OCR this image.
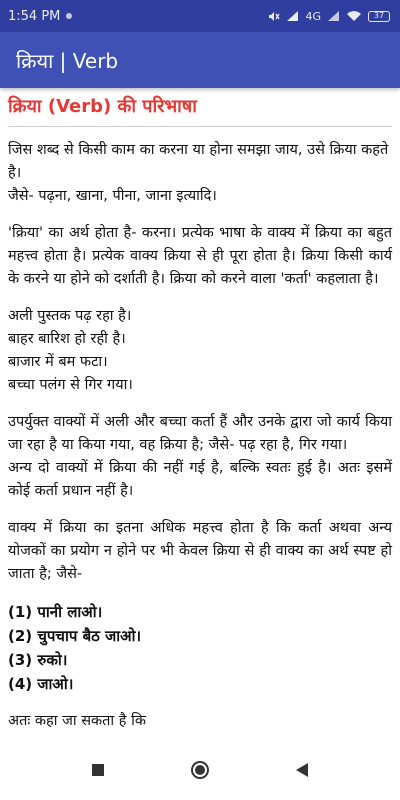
1:54 PM	4G	37
क्रिया | Verb
क्रिया (Verb) की परिभाषा
जिस शब्द से किसी काम का करना या होना समझा जाय, उसे क्रिया कहते है।
जैसे- पढ़ना, खाना, पीना, जाना इत्यादि।
'क्रिया' का अर्थ होता है- करना। प्रत्येक भाषा के वाक्य में क्रिया का बहुत महत्त्व होता है। प्रत्येक वाक्य क्रिया से ही पूरा होता है। क्रिया किसी कार्य के करने या होने को दर्शाती है। क्रिया को करने वाला 'कर्ता' कहलाता है।
अली पुस्तक पढ़ रहा है।
बाहर बारिश हो रही है।
बाजार में बम फटा।
बच्चा पलंग से गिर गया।
उपर्युक्त वाक्यों में अली और बच्चा कर्ता हैं और उनके द्वारा जो कार्य किया जा रहा है या किया गया, वह क्रिया है; जैसे- पढ़ रहा है, गिर गया।
अन्य दो वाक्यों में क्रिया की नहीं गई है, बल्कि स्वतः हुई है। अतः इसमें कोई कर्ता प्रधान नहीं है।
वाक्य में क्रिया का इतना अधिक महत्त्व होता है कि कर्ता अथवा अन्य योजकों का प्रयोग न होने पर भी केवल क्रिया से ही वाक्य का अर्थ स्पष्ट हो जाता है; जैसे-
(1) पानी लाओ।
(2) चुपचाप बैठ जाओ।
(3) रुको।
(4) जाओ।
अतः कहा जा सकता है कि
